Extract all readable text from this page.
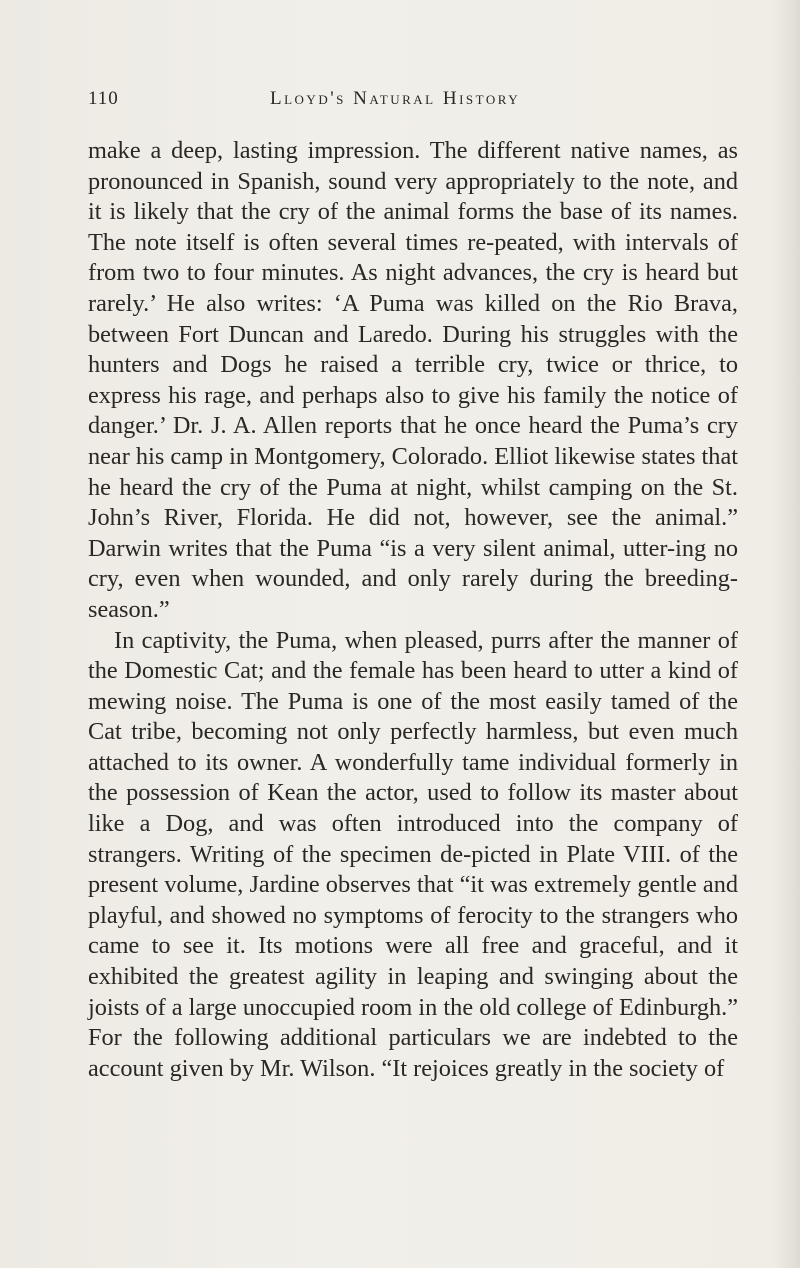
110	Lloyd's Natural History

make a deep, lasting impression. The different native names, as pronounced in Spanish, sound very appropriately to the note, and it is likely that the cry of the animal forms the base of its names. The note itself is often several times re-peated, with intervals of from two to four minutes. As night advances, the cry is heard but rarely.’ He also writes: ‘A Puma was killed on the Rio Brava, between Fort Duncan and Laredo. During his struggles with the hunters and Dogs he raised a terrible cry, twice or thrice, to express his rage, and perhaps also to give his family the notice of danger.’ Dr. J. A. Allen reports that he once heard the Puma’s cry near his camp in Montgomery, Colorado. Elliot likewise states that he heard the cry of the Puma at night, whilst camping on the St. John’s River, Florida. He did not, however, see the animal.” Darwin writes that the Puma “is a very silent animal, utter-ing no cry, even when wounded, and only rarely during the breeding-season.”

In captivity, the Puma, when pleased, purrs after the manner of the Domestic Cat; and the female has been heard to utter a kind of mewing noise. The Puma is one of the most easily tamed of the Cat tribe, becoming not only perfectly harmless, but even much attached to its owner. A wonderfully tame individual formerly in the possession of Kean the actor, used to follow its master about like a Dog, and was often introduced into the company of strangers. Writing of the specimen de-picted in Plate VIII. of the present volume, Jardine observes that “it was extremely gentle and playful, and showed no symptoms of ferocity to the strangers who came to see it. Its motions were all free and graceful, and it exhibited the greatest agility in leaping and swinging about the joists of a large unoccupied room in the old college of Edinburgh.” For the following additional particulars we are indebted to the account given by Mr. Wilson. “It rejoices greatly in the society of
